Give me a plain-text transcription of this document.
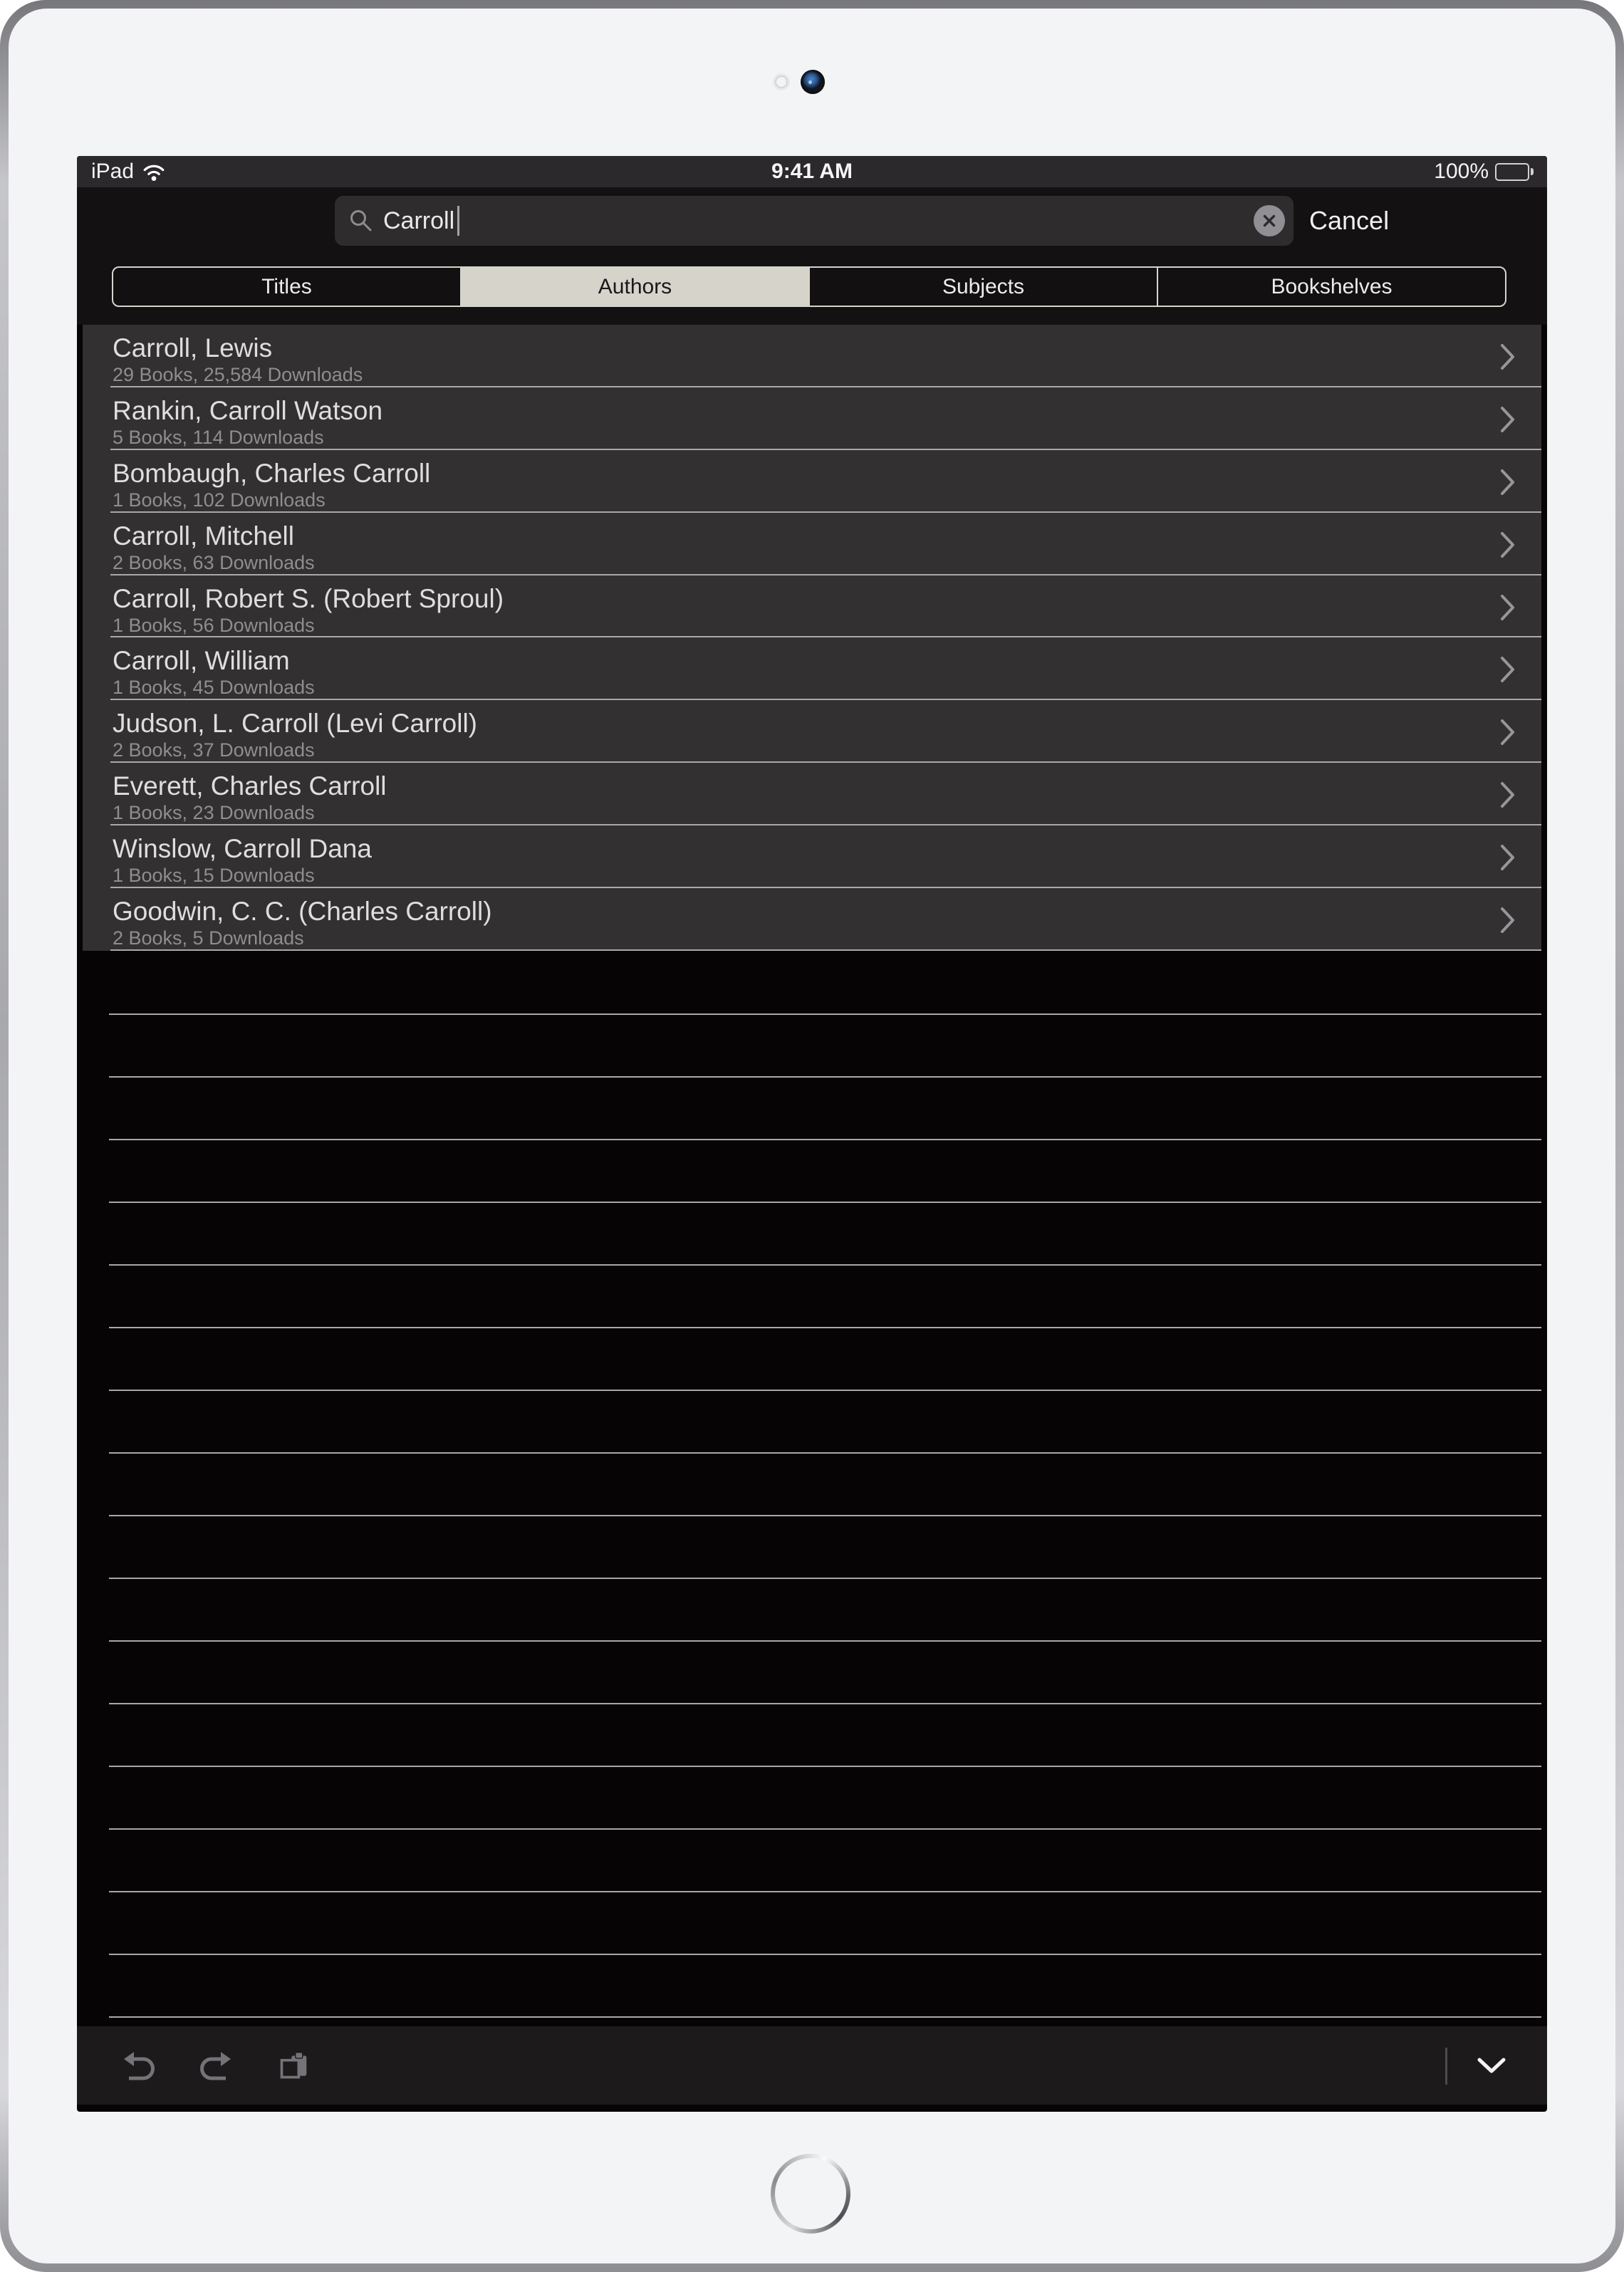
iPad	9:41 AM	100%
Carroll	Cancel
Titles	Authors	Subjects	Bookshelves
Carroll, Lewis
29 Books, 25,584 Downloads
Rankin, Carroll Watson
5 Books, 114 Downloads
Bombaugh, Charles Carroll
1 Books, 102 Downloads
Carroll, Mitchell
2 Books, 63 Downloads
Carroll, Robert S. (Robert Sproul)
1 Books, 56 Downloads
Carroll, William
1 Books, 45 Downloads
Judson, L. Carroll (Levi Carroll)
2 Books, 37 Downloads
Everett, Charles Carroll
1 Books, 23 Downloads
Winslow, Carroll Dana
1 Books, 15 Downloads
Goodwin, C. C. (Charles Carroll)
2 Books, 5 Downloads
